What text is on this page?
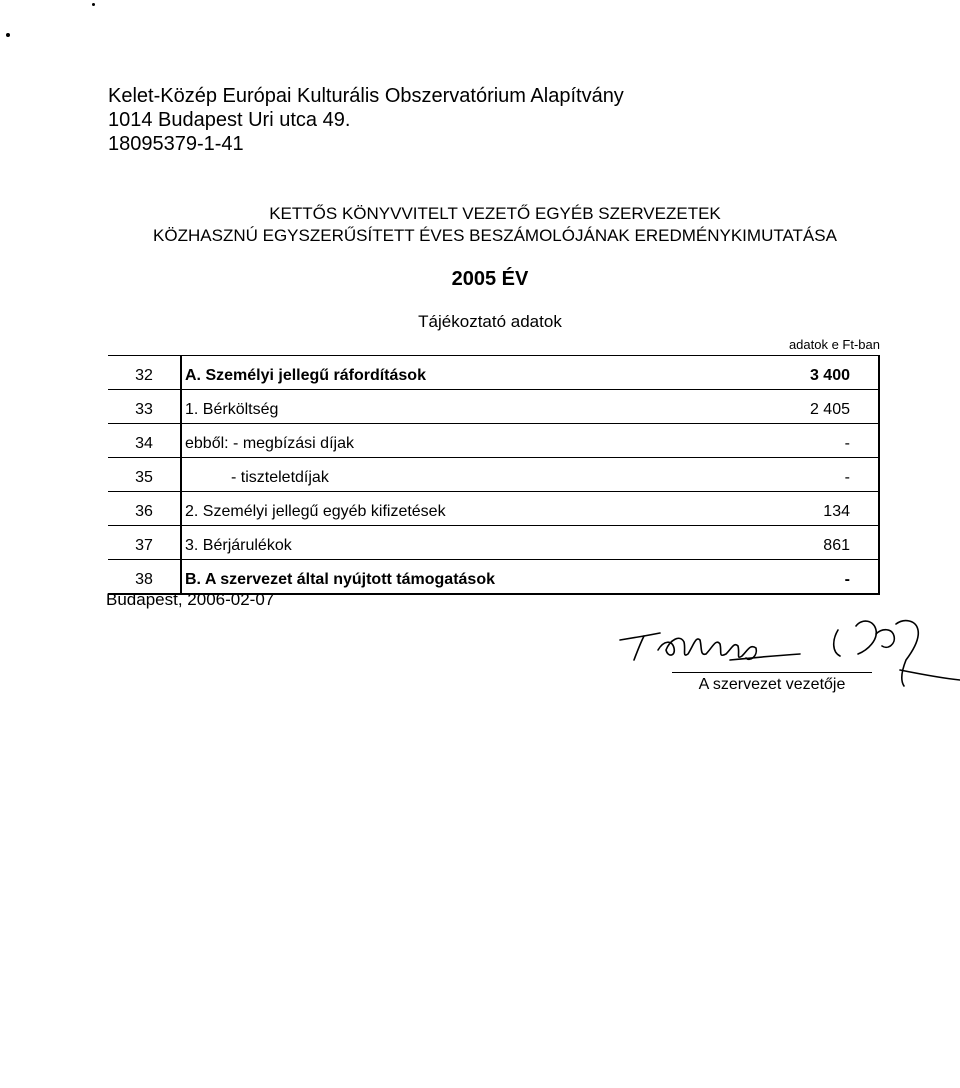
Kelet-Közép Európai Kulturális Obszervatórium Alapítvány
1014 Budapest Uri utca 49.
18095379-1-41
KETTŐS KÖNYVVITELT VEZETŐ EGYÉB SZERVEZETEK
KÖZHASZNÚ EGYSZERŰSÍTETT ÉVES BESZÁMOLÓJÁNAK EREDMÉNYKIMUTATÁSA
2005 ÉV
Tájékoztató adatok
adatok e Ft-ban
32	A. Személyi jellegű ráfordítások	3 400
33	1. Bérköltség	2 405
34	ebből: - megbízási díjak	-
35	- tiszteletdíjak	-
36	2. Személyi jellegű egyéb kifizetések	134
37	3. Bérjárulékok	861
38	B. A szervezet által nyújtott támogatások	-
Budapest, 2006-02-07
A szervezet vezetője
